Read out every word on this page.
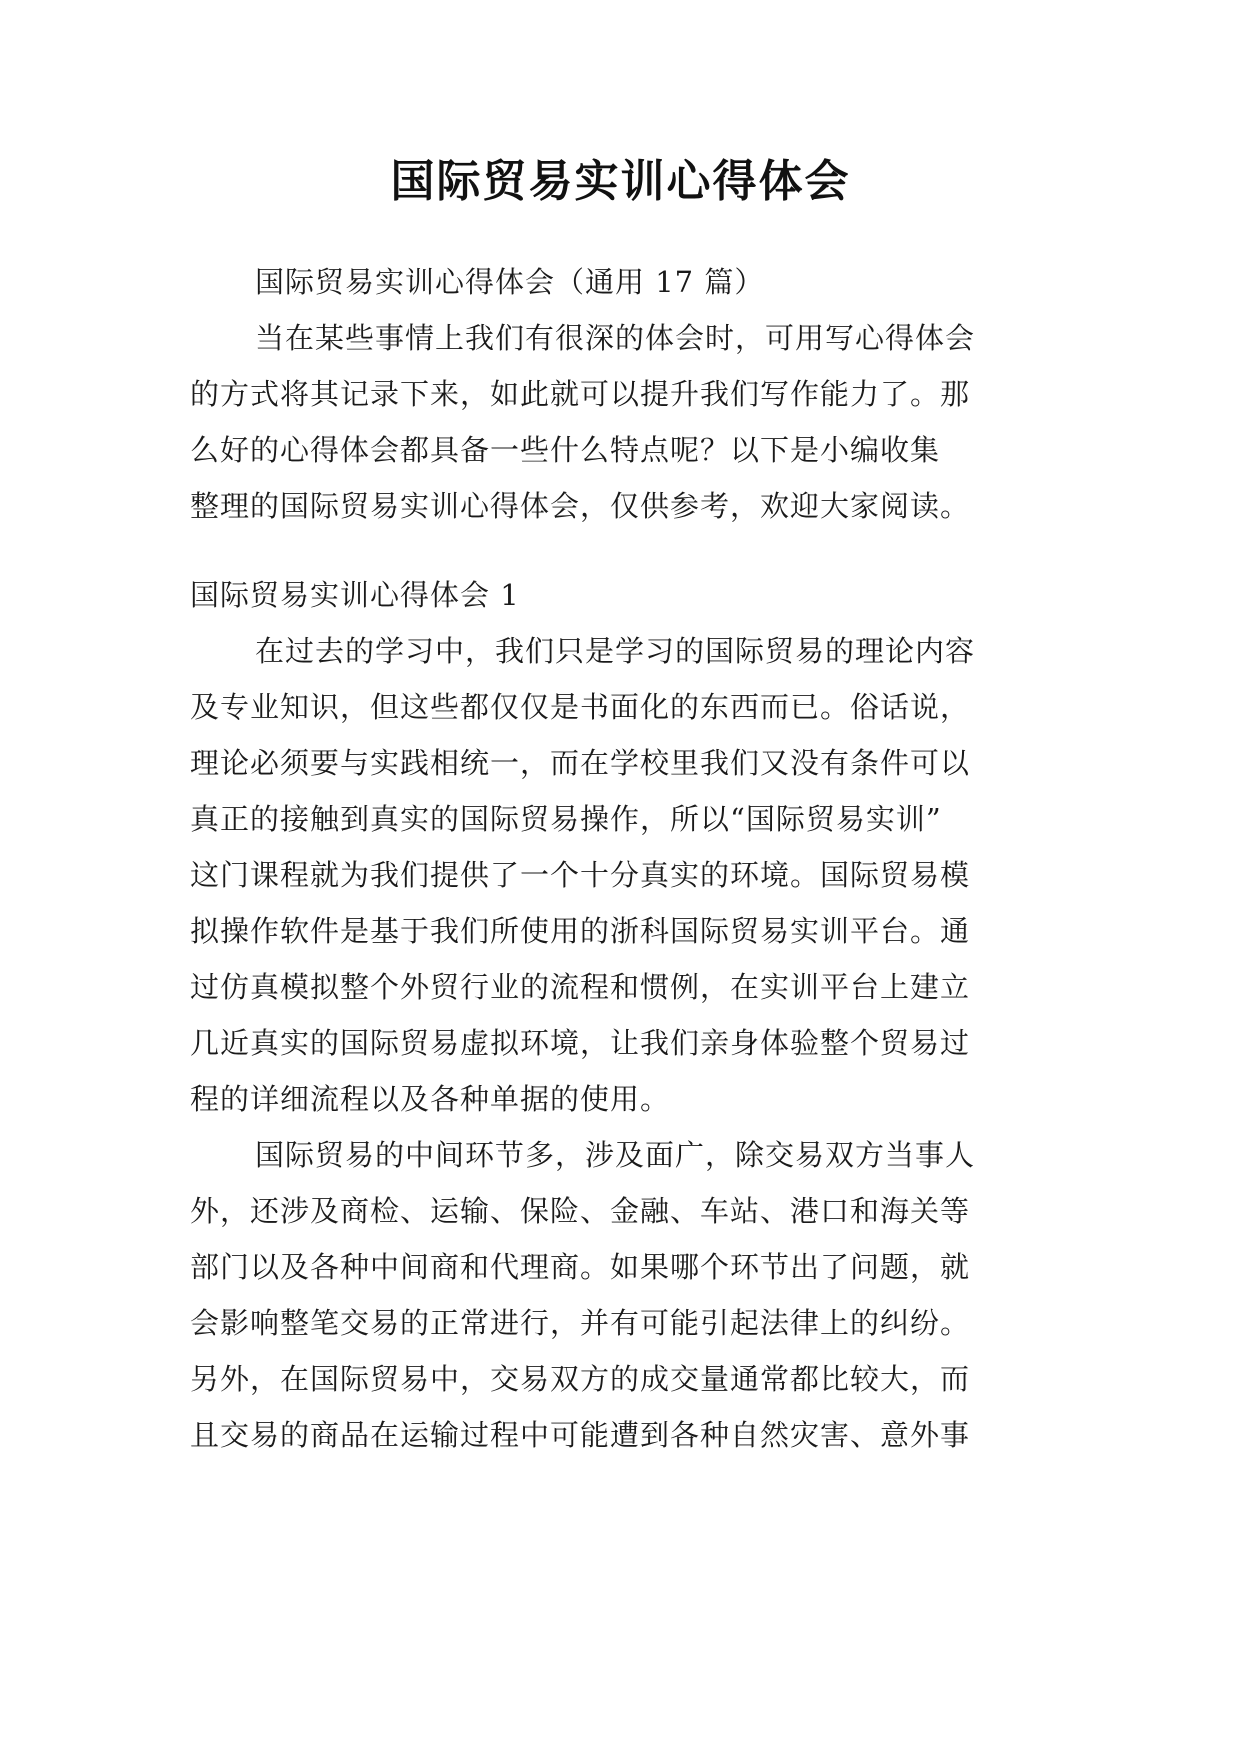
国际贸易实训心得体会
国际贸易实训心得体会（通用 17 篇）
当在某些事情上我们有很深的体会时，可用写心得体会
的方式将其记录下来，如此就可以提升我们写作能力了。那
么好的心得体会都具备一些什么特点呢？以下是小编收集
整理的国际贸易实训心得体会，仅供参考，欢迎大家阅读。
国际贸易实训心得体会 1
在过去的学习中，我们只是学习的国际贸易的理论内容
及专业知识，但这些都仅仅是书面化的东西而已。俗话说，
理论必须要与实践相统一，而在学校里我们又没有条件可以
真正的接触到真实的国际贸易操作，所以“国际贸易实训”
这门课程就为我们提供了一个十分真实的环境。国际贸易模
拟操作软件是基于我们所使用的浙科国际贸易实训平台。通
过仿真模拟整个外贸行业的流程和惯例，在实训平台上建立
几近真实的国际贸易虚拟环境，让我们亲身体验整个贸易过
程的详细流程以及各种单据的使用。
国际贸易的中间环节多，涉及面广，除交易双方当事人
外，还涉及商检、运输、保险、金融、车站、港口和海关等
部门以及各种中间商和代理商。如果哪个环节出了问题，就
会影响整笔交易的正常进行，并有可能引起法律上的纠纷。
另外，在国际贸易中，交易双方的成交量通常都比较大，而
且交易的商品在运输过程中可能遭到各种自然灾害、意外事
